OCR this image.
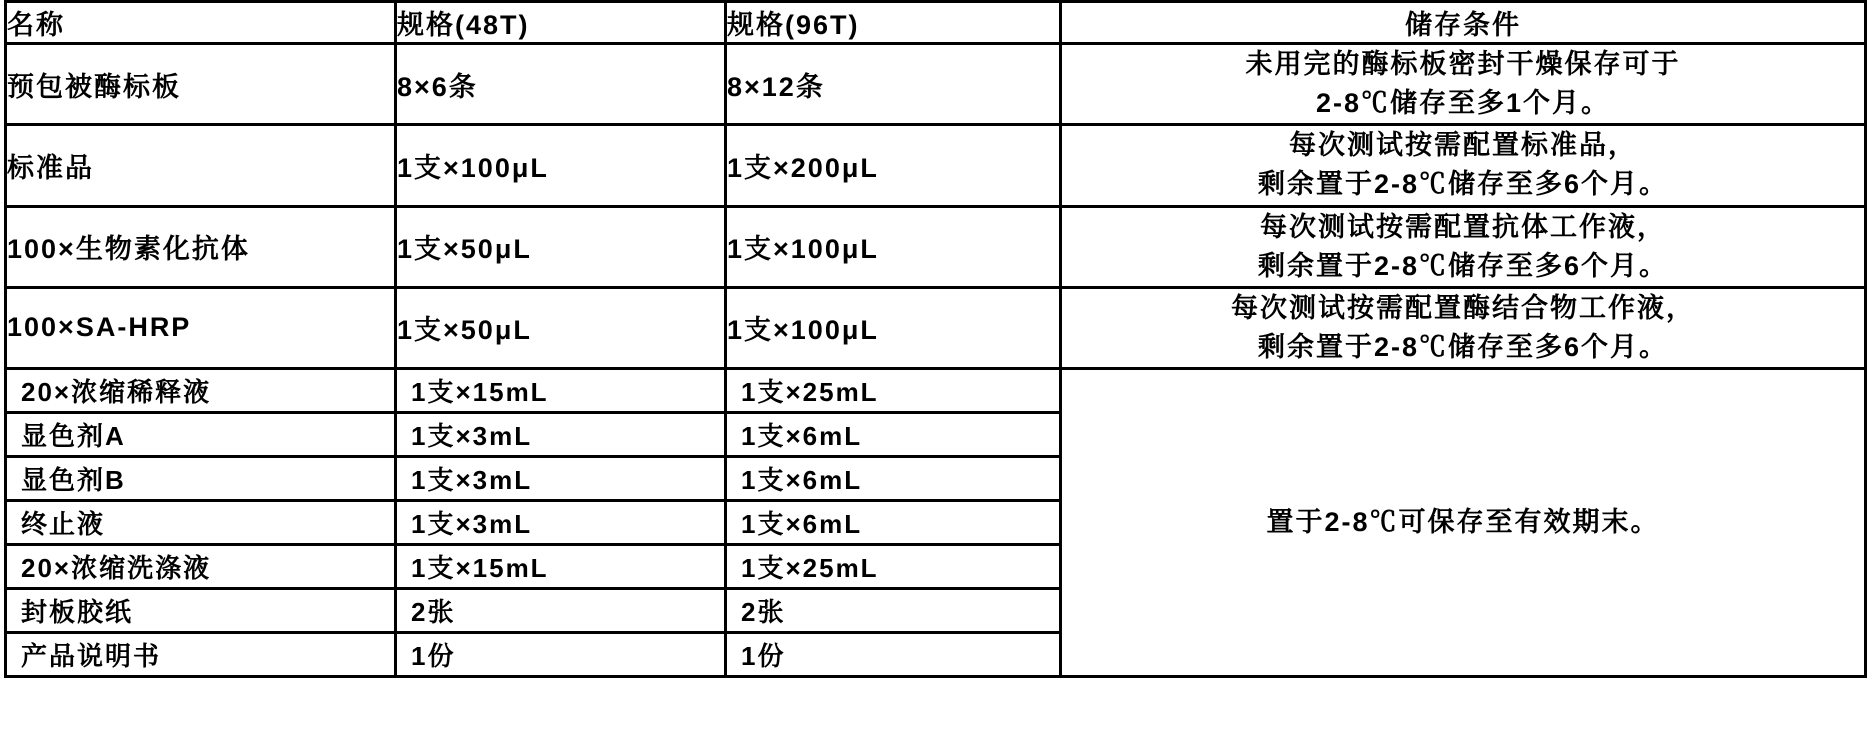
名称	规格(48T)	规格(96T)	储存条件
预包被酶标板	8×6条	8×12条	未用完的酶标板密封干燥保存可于
2-8℃储存至多1个月。

标准品	1支×100μL	1支×200μL	每次测试按需配置标准品，
剩余置于2-8℃储存至多6个月。

100×生物素化抗体	1支×50μL	1支×100μL	每次测试按需配置抗体工作液，
剩余置于2-8℃储存至多6个月。

100×SA-HRP	1支×50μL	1支×100μL	每次测试按需配置酶结合物工作液，
剩余置于2-8℃储存至多6个月。

20×浓缩稀释液	1支×15mL	1支×25mL	置于2-8℃可保存至有效期末。
显色剂A	1支×3mL	1支×6mL	
显色剂B	1支×3mL	1支×6mL	
终止液	1支×3mL	1支×6mL	
20×浓缩洗涤液	1支×15mL	1支×25mL	
封板胶纸	2张	2张	
产品说明书	1份	1份	
